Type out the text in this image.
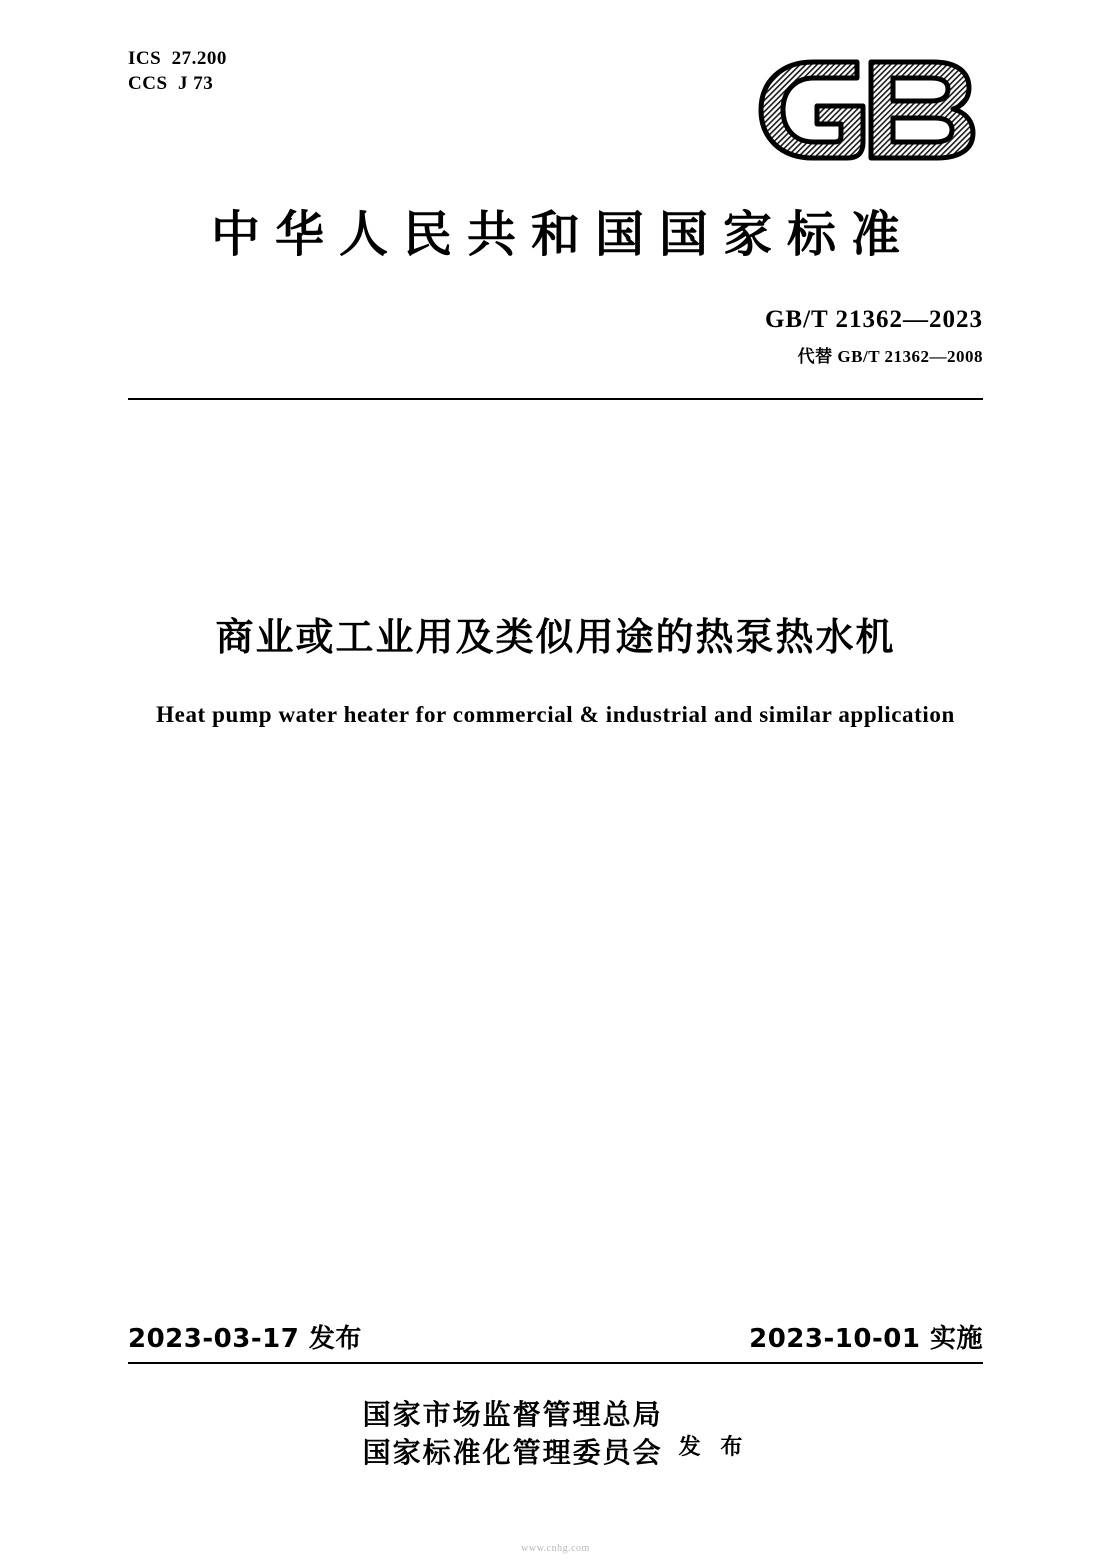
ICS  27.200
CCS  J 73
中华人民共和国国家标准
GB/T 21362—2023
代替 GB/T 21362—2008
商业或工业用及类似用途的热泵热水机
Heat pump water heater for commercial & industrial and similar application
2023-03-17 发布	2023-10-01 实施
国家市场监督管理总局
国家标准化管理委员会 发 布
www.cnhg.com
